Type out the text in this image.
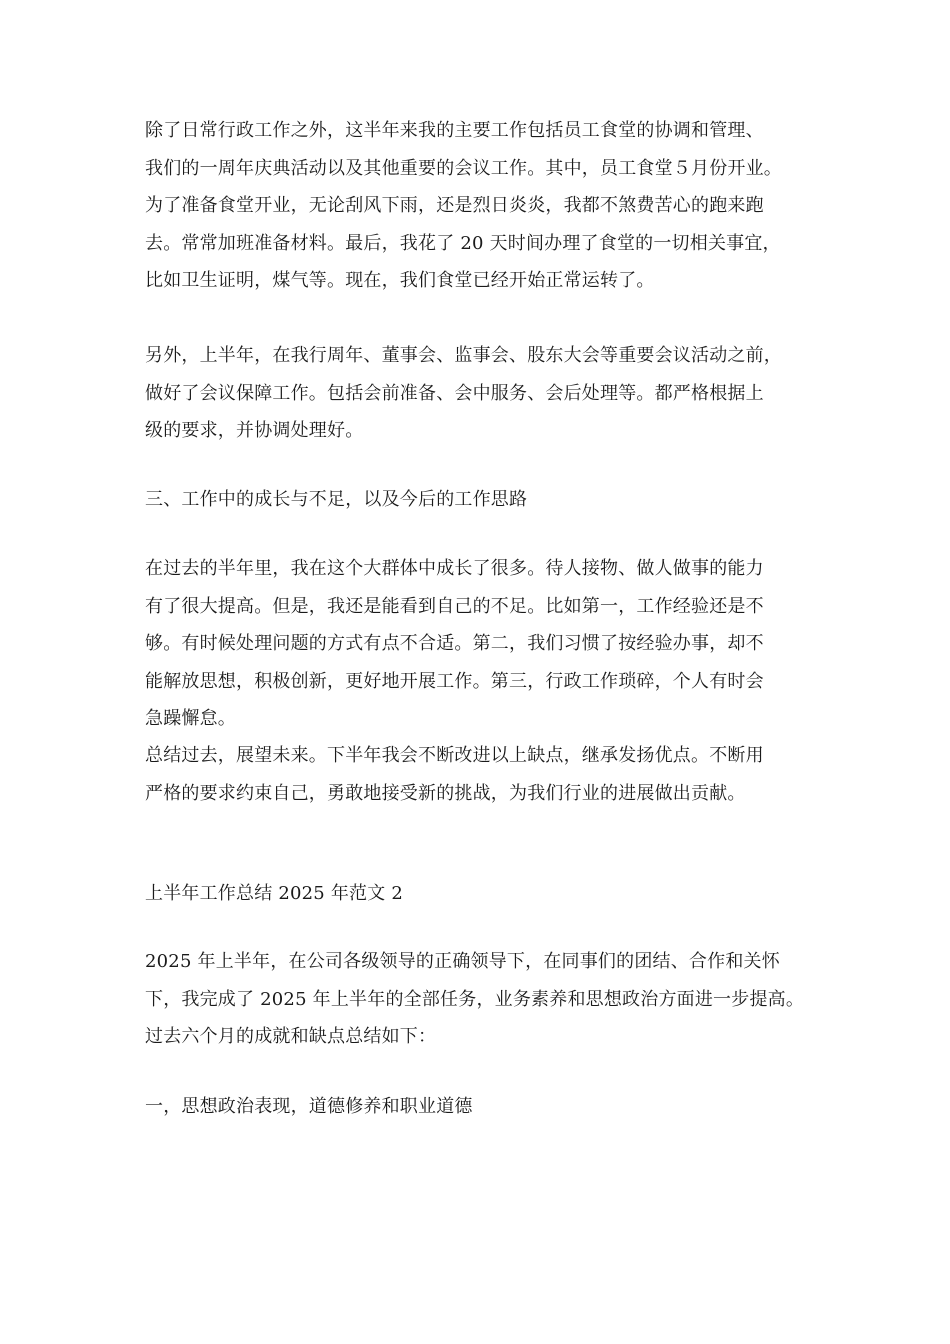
除了日常行政工作之外，这半年来我的主要工作包括员工食堂的协调和管理、
我们的一周年庆典活动以及其他重要的会议工作。其中，员工食堂５月份开业。
为了准备食堂开业，无论刮风下雨，还是烈日炎炎，我都不煞费苦心的跑来跑
去。常常加班准备材料。最后，我花了 20 天时间办理了食堂的一切相关事宜，
比如卫生证明，煤气等。现在，我们食堂已经开始正常运转了。
另外，上半年，在我行周年、董事会、监事会、股东大会等重要会议活动之前，
做好了会议保障工作。包括会前准备、会中服务、会后处理等。都严格根据上
级的要求，并协调处理好。
三、工作中的成长与不足，以及今后的工作思路
在过去的半年里，我在这个大群体中成长了很多。待人接物、做人做事的能力
有了很大提高。但是，我还是能看到自己的不足。比如第一，工作经验还是不
够。有时候处理问题的方式有点不合适。第二，我们习惯了按经验办事，却不
能解放思想，积极创新，更好地开展工作。第三，行政工作琐碎，个人有时会
急躁懈怠。
总结过去，展望未来。下半年我会不断改进以上缺点，继承发扬优点。不断用
严格的要求约束自己，勇敢地接受新的挑战，为我们行业的进展做出贡献。
上半年工作总结 2025 年范文 2
2025 年上半年，在公司各级领导的正确领导下，在同事们的团结、合作和关怀
下，我完成了 2025 年上半年的全部任务，业务素养和思想政治方面进一步提高。
过去六个月的成就和缺点总结如下：
一，思想政治表现，道德修养和职业道德
